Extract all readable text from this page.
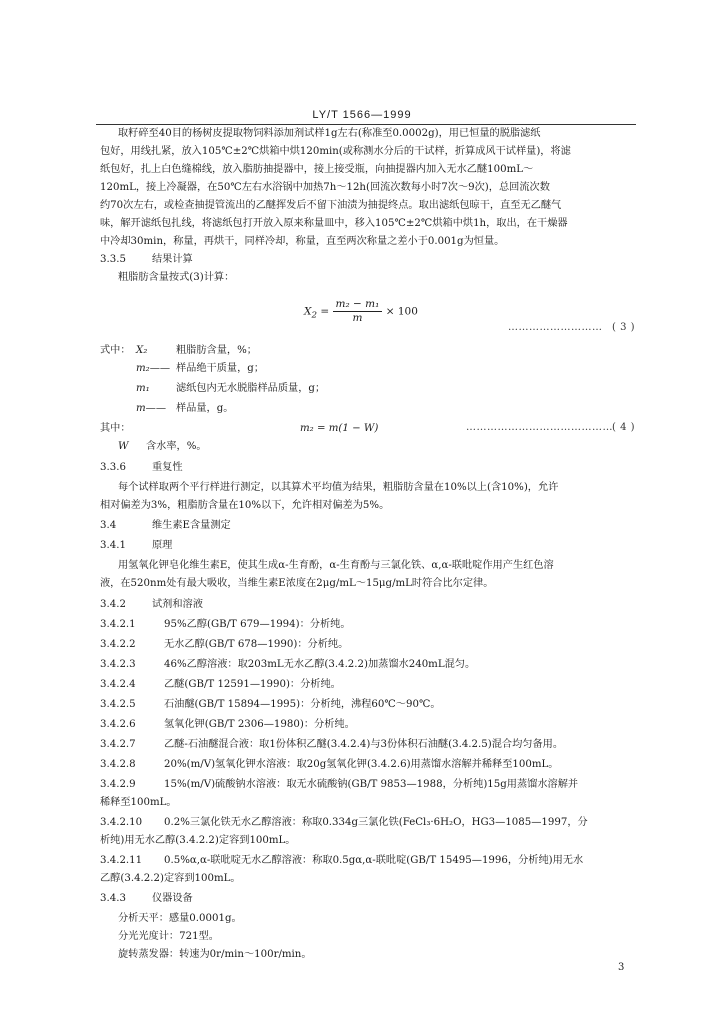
LY/T 1566—1999
取籽碎至40目的杨树皮提取物饲料添加剂试样1g左右(称准至0.0002g)，用已恒量的脱脂滤纸
包好，用线扎紧，放入105℃±2℃烘箱中烘120min(或称测水分后的干试样，折算成风干试样量)，将滤
纸包好，扎上白色缝棉线，放入脂肪抽提器中，接上接受瓶，向抽提器内加入无水乙醚100mL～
120mL，接上冷凝器，在50℃左右水浴锅中加热7h～12h(回流次数每小时7次～9次)，总回流次数
约70次左右，或检查抽提管流出的乙醚挥发后不留下油渍为抽提终点。取出滤纸包晾干，直至无乙醚气
味，解开滤纸包扎线，将滤纸包打开放入原来称量皿中，移入105℃±2℃烘箱中烘1h，取出，在干燥器
中冷却30min，称量，再烘干，同样冷却，称量，直至两次称量之差小于0.001g为恒量。
3.3.5	结果计算
粗脂肪含量按式(3)计算：
$X_2 = \frac{\text{m₂ − m₁}}{m} \times 100$
……………………… ( 3 )
式中： X₂	粗脂肪含量，%；
m₂—— 样品绝干质量，g；
m₁	滤纸包内无水脱脂样品质量，g；
m—— 样品量，g。
其中：	m₂ = m(1 − W)	…………………………………… ( 4 )
W 含水率，%。
3.3.6	重复性
每个试样取两个平行样进行测定，以其算术平均值为结果，粗脂肪含量在10%以上(含10%)，允许
相对偏差为3%，粗脂肪含量在10%以下，允许相对偏差为5%。
3.4	维生素E含量测定
3.4.1	原理
用氢氧化钾皂化维生素E，使其生成α-生育酚，α-生育酚与三氯化铁、α,α-联吡啶作用产生红色溶
液，在520nm处有最大吸收，当维生素E浓度在2μg/mL～15μg/mL时符合比尔定律。
3.4.2	试剂和溶液
3.4.2.1	95%乙醇(GB/T 679—1994)：分析纯。
3.4.2.2	无水乙醇(GB/T 678—1990)：分析纯。
3.4.2.3	46%乙醇溶液：取203mL无水乙醇(3.4.2.2)加蒸馏水240mL混匀。
3.4.2.4	乙醚(GB/T 12591—1990)：分析纯。
3.4.2.5	石油醚(GB/T 15894—1995)：分析纯，沸程60℃～90℃。
3.4.2.6	氢氧化钾(GB/T 2306—1980)：分析纯。
3.4.2.7	乙醚-石油醚混合液：取1份体积乙醚(3.4.2.4)与3份体积石油醚(3.4.2.5)混合均匀备用。
3.4.2.8	20%(m/V)氢氧化钾水溶液：取20g氢氧化钾(3.4.2.6)用蒸馏水溶解并稀释至100mL。
3.4.2.9	15%(m/V)硫酸钠水溶液：取无水硫酸钠(GB/T 9853—1988，分析纯)15g用蒸馏水溶解并
稀释至100mL。
3.4.2.10 0.2%三氯化铁无水乙醇溶液：称取0.334g三氯化铁(FeCl₃·6H₂O，HG3—1085—1997，分
析纯)用无水乙醇(3.4.2.2)定容到100mL。
3.4.2.11 0.5%α,α-联吡啶无水乙醇溶液：称取0.5gα,α-联吡啶(GB/T 15495—1996，分析纯)用无水
乙醇(3.4.2.2)定容到100mL。
3.4.3	仪器设备
分析天平：感量0.0001g。
分光光度计：721型。
旋转蒸发器：转速为0r/min～100r/min。
3
